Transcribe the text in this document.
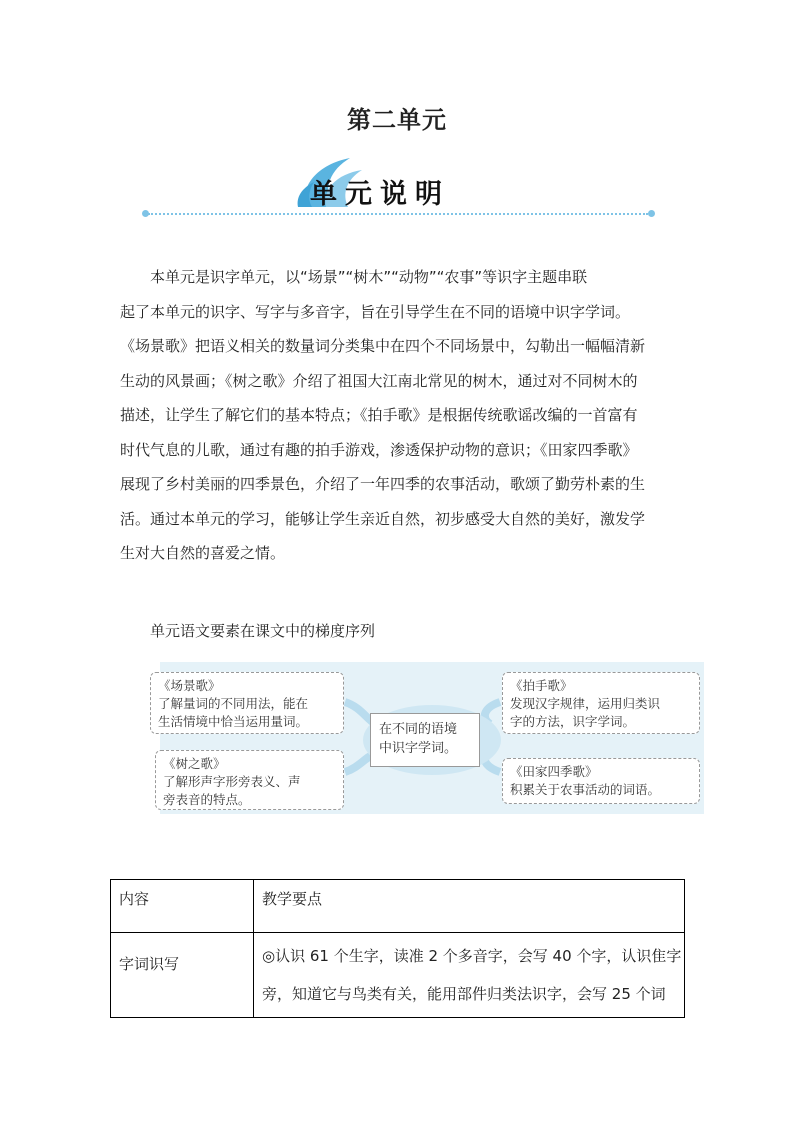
第二单元
单元说明
本单元是识字单元，以“场景”“树木”“动物”“农事”等识字主题串联
起了本单元的识字、写字与多音字，旨在引导学生在不同的语境中识字学词。
《场景歌》把语义相关的数量词分类集中在四个不同场景中，勾勒出一幅幅清新
生动的风景画；《树之歌》介绍了祖国大江南北常见的树木，通过对不同树木的
描述，让学生了解它们的基本特点；《拍手歌》是根据传统歌谣改编的一首富有
时代气息的儿歌，通过有趣的拍手游戏，渗透保护动物的意识；《田家四季歌》
展现了乡村美丽的四季景色，介绍了一年四季的农事活动，歌颂了勤劳朴素的生
活。通过本单元的学习，能够让学生亲近自然，初步感受大自然的美好，激发学
生对大自然的喜爱之情。
单元语文要素在课文中的梯度序列
在不同的语境
中识字学词。
《场景歌》
了解量词的不同用法，能在
生活情境中恰当运用量词。
《树之歌》
了解形声字形旁表义、声
旁表音的特点。
《拍手歌》
发现汉字规律，运用归类识
字的方法，识字学词。
《田家四季歌》
积累关于农事活动的词语。
内容	教学要点

字词识写	◎认识 61 个生字，读准 2 个多音字，会写 40 个字，认识隹字
旁，知道它与鸟类有关，能用部件归类法识字，会写 25 个词
